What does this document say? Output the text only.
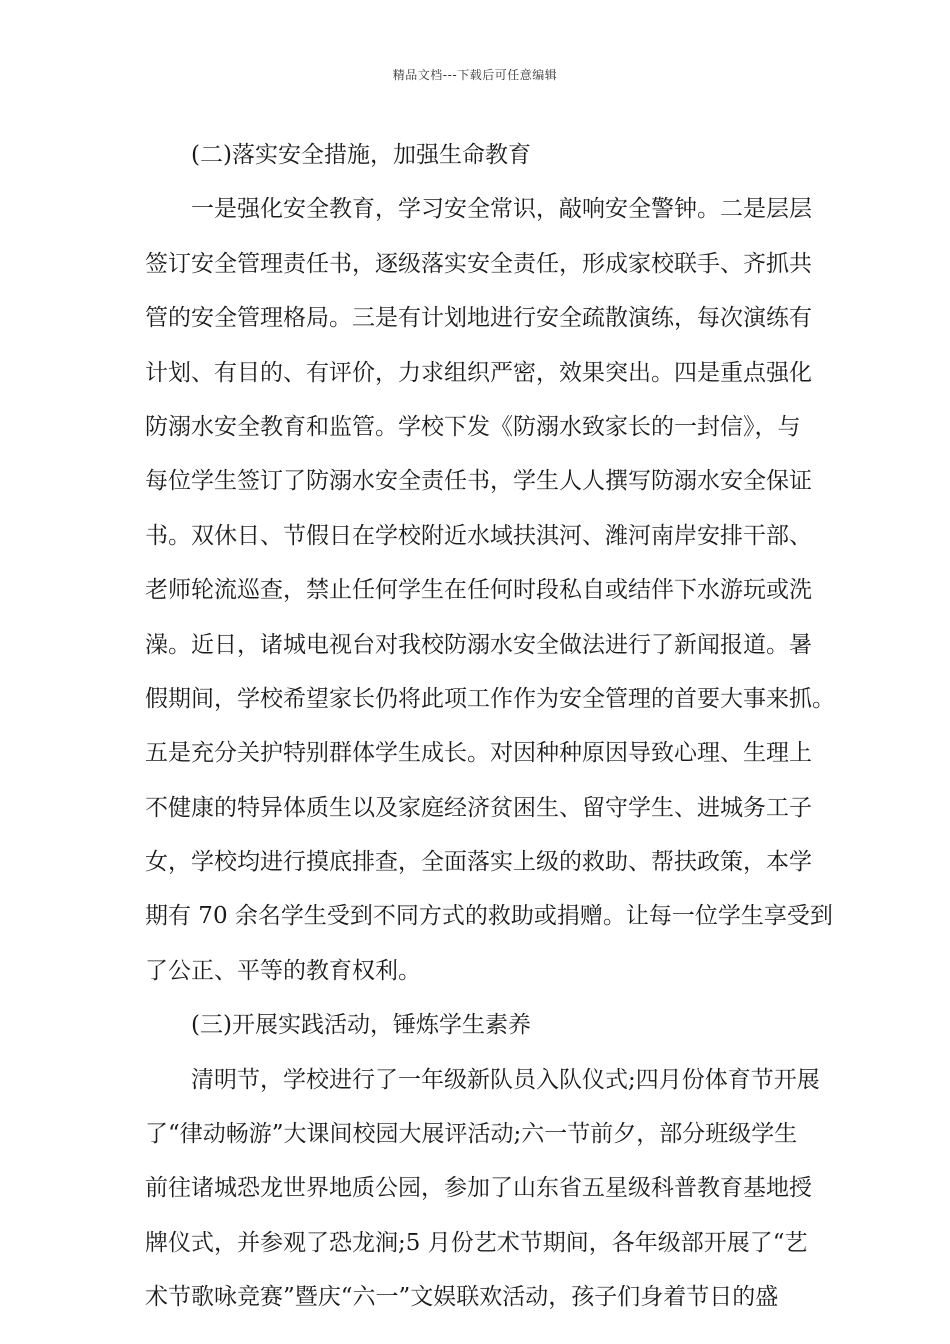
精品文档---下载后可任意编辑
(二)落实安全措施，加强生命教育
一是强化安全教育，学习安全常识，敲响安全警钟。二是层层
签订安全管理责任书，逐级落实安全责任，形成家校联手、齐抓共
管的安全管理格局。三是有计划地进行安全疏散演练，每次演练有
计划、有目的、有评价，力求组织严密，效果突出。四是重点强化
防溺水安全教育和监管。学校下发《防溺水致家长的一封信》，与
每位学生签订了防溺水安全责任书，学生人人撰写防溺水安全保证
书。双休日、节假日在学校附近水域扶淇河、潍河南岸安排干部、
老师轮流巡查，禁止任何学生在任何时段私自或结伴下水游玩或洗
澡。近日，诸城电视台对我校防溺水安全做法进行了新闻报道。暑
假期间，学校希望家长仍将此项工作作为安全管理的首要大事来抓。
五是充分关护特别群体学生成长。对因种种原因导致心理、生理上
不健康的特异体质生以及家庭经济贫困生、留守学生、进城务工子
女，学校均进行摸底排查，全面落实上级的救助、帮扶政策，本学
期有 70 余名学生受到不同方式的救助或捐赠。让每一位学生享受到
了公正、平等的教育权利。
(三)开展实践活动，锤炼学生素养
清明节，学校进行了一年级新队员入队仪式;四月份体育节开展
了“律动畅游”大课间校园大展评活动;六一节前夕，部分班级学生
前往诸城恐龙世界地质公园，参加了山东省五星级科普教育基地授
牌仪式，并参观了恐龙涧;5 月份艺术节期间，各年级部开展了“艺
术节歌咏竞赛”暨庆“六一”文娱联欢活动，孩子们身着节日的盛
